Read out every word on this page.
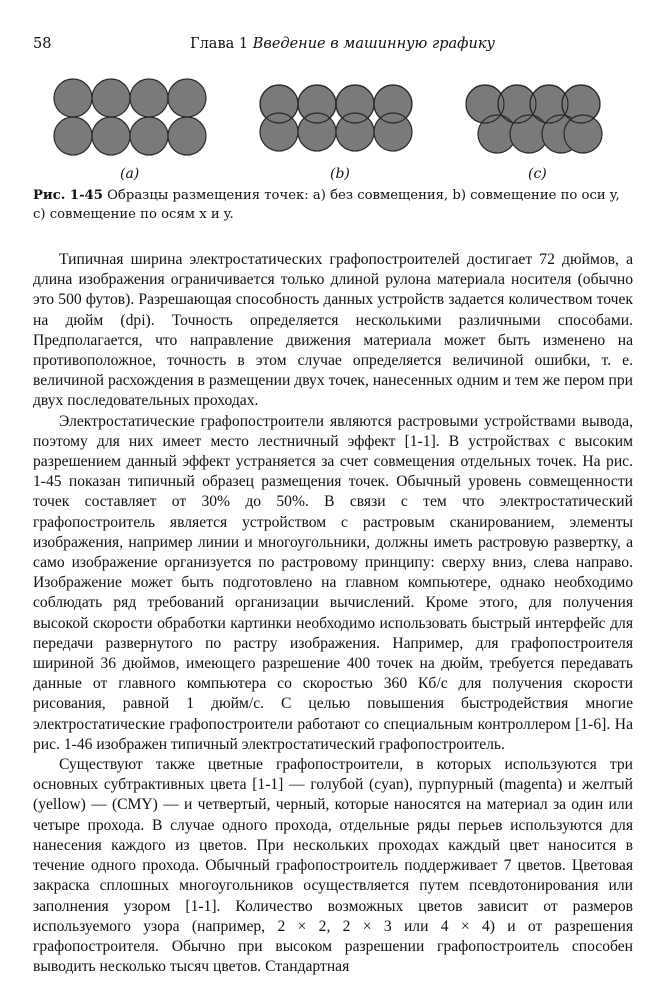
58	Глава 1 Введение в машинную графику
(a)	(b)	(c)
Рис. 1-45 Образцы размещения точек: a) без совмещения, b) совмещение по оси y, c) совмещение по осям x и y.

Типичная ширина электростатических графопостроителей достигает 72 дюймов, а длина изображения ограничивается только длиной рулона материала носителя (обычно это 500 футов). Разрешающая способность данных устройств задается количеством точек на дюйм (dpi). Точность определяется несколькими различными способами. Предполагается, что направление движения материала может быть изменено на противоположное, точность в этом случае определяется величиной ошибки, т. е. величиной расхождения в размещении двух точек, нанесенных одним и тем же пером при двух последовательных проходах.

Электростатические графопостроители являются растровыми устройствами вывода, поэтому для них имеет место лестничный эффект [1-1]. В устройствах с высоким разрешением данный эффект устраняется за счет совмещения отдельных точек. На рис. 1-45 показан типичный образец размещения точек. Обычный уровень совмещенности точек составляет от 30% до 50%. В связи с тем что электростатический графопостроитель является устройством с растровым сканированием, элементы изображения, например линии и многоугольники, должны иметь растровую развертку, а само изображение организуется по растровому принципу: сверху вниз, слева направо. Изображение может быть подготовлено на главном компьютере, однако необходимо соблюдать ряд требований организации вычислений. Кроме этого, для получения высокой скорости обработки картинки необходимо использовать быстрый интерфейс для передачи развернутого по растру изображения. Например, для графопостроителя шириной 36 дюймов, имеющего разрешение 400 точек на дюйм, требуется передавать данные от главного компьютера со скоростью 360 Кб/с для получения скорости рисования, равной 1 дюйм/с. С целью повышения быстродействия многие электростатические графопостроители работают со специальным контроллером [1-6]. На рис. 1-46 изображен типичный электростатический графопостроитель.

Существуют также цветные графопостроители, в которых используются три основных субтрактивных цвета [1-1] — голубой (cyan), пурпурный (magenta) и желтый (yellow) — (CMY) — и четвертый, черный, которые наносятся на материал за один или четыре прохода. В случае одного прохода, отдельные ряды перьев используются для нанесения каждого из цветов. При нескольких проходах каждый цвет наносится в течение одного прохода. Обычный графопостроитель поддерживает 7 цветов. Цветовая закраска сплошных многоугольников осуществляется путем псевдотонирования или заполнения узором [1-1]. Количество возможных цветов зависит от размеров используемого узора (например, 2 × 2, 2 × 3 или 4 × 4) и от разрешения графопостроителя. Обычно при высоком разрешении графопостроитель способен выводить несколько тысяч цветов. Стандартная
